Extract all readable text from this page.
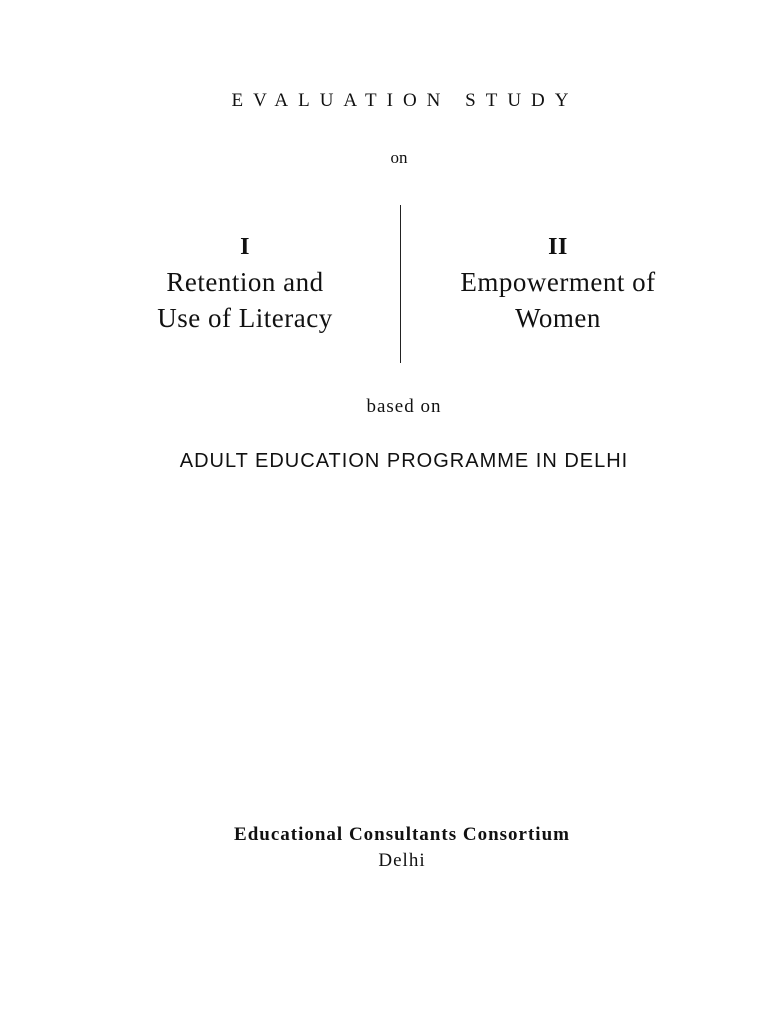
EVALUATION STUDY
on
I
Retention and
Use of Literacy
II
Empowerment of
Women
based on
ADULT EDUCATION PROGRAMME IN DELHI
Educational Consultants Consortium
Delhi
